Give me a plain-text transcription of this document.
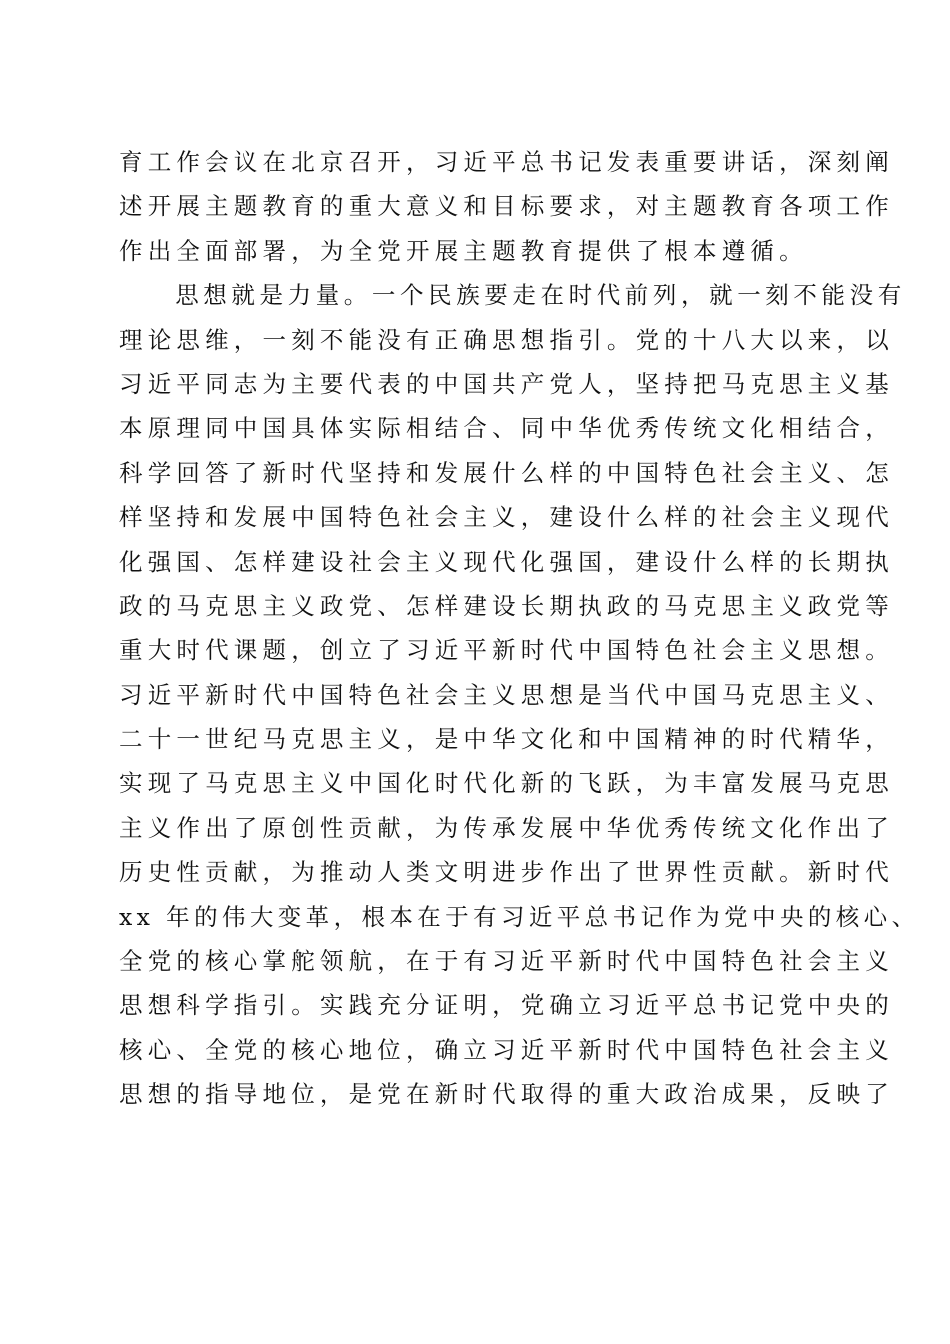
育工作会议在北京召开，习近平总书记发表重要讲话，深刻阐
述开展主题教育的重大意义和目标要求，对主题教育各项工作
作出全面部署，为全党开展主题教育提供了根本遵循。
　　思想就是力量。一个民族要走在时代前列，就一刻不能没有
理论思维，一刻不能没有正确思想指引。党的十八大以来，以
习近平同志为主要代表的中国共产党人，坚持把马克思主义基
本原理同中国具体实际相结合、同中华优秀传统文化相结合，
科学回答了新时代坚持和发展什么样的中国特色社会主义、怎
样坚持和发展中国特色社会主义，建设什么样的社会主义现代
化强国、怎样建设社会主义现代化强国，建设什么样的长期执
政的马克思主义政党、怎样建设长期执政的马克思主义政党等
重大时代课题，创立了习近平新时代中国特色社会主义思想。
习近平新时代中国特色社会主义思想是当代中国马克思主义、
二十一世纪马克思主义，是中华文化和中国精神的时代精华，
实现了马克思主义中国化时代化新的飞跃，为丰富发展马克思
主义作出了原创性贡献，为传承发展中华优秀传统文化作出了
历史性贡献，为推动人类文明进步作出了世界性贡献。新时代
xx 年的伟大变革，根本在于有习近平总书记作为党中央的核心、
全党的核心掌舵领航，在于有习近平新时代中国特色社会主义
思想科学指引。实践充分证明，党确立习近平总书记党中央的
核心、全党的核心地位，确立习近平新时代中国特色社会主义
思想的指导地位，是党在新时代取得的重大政治成果，反映了
